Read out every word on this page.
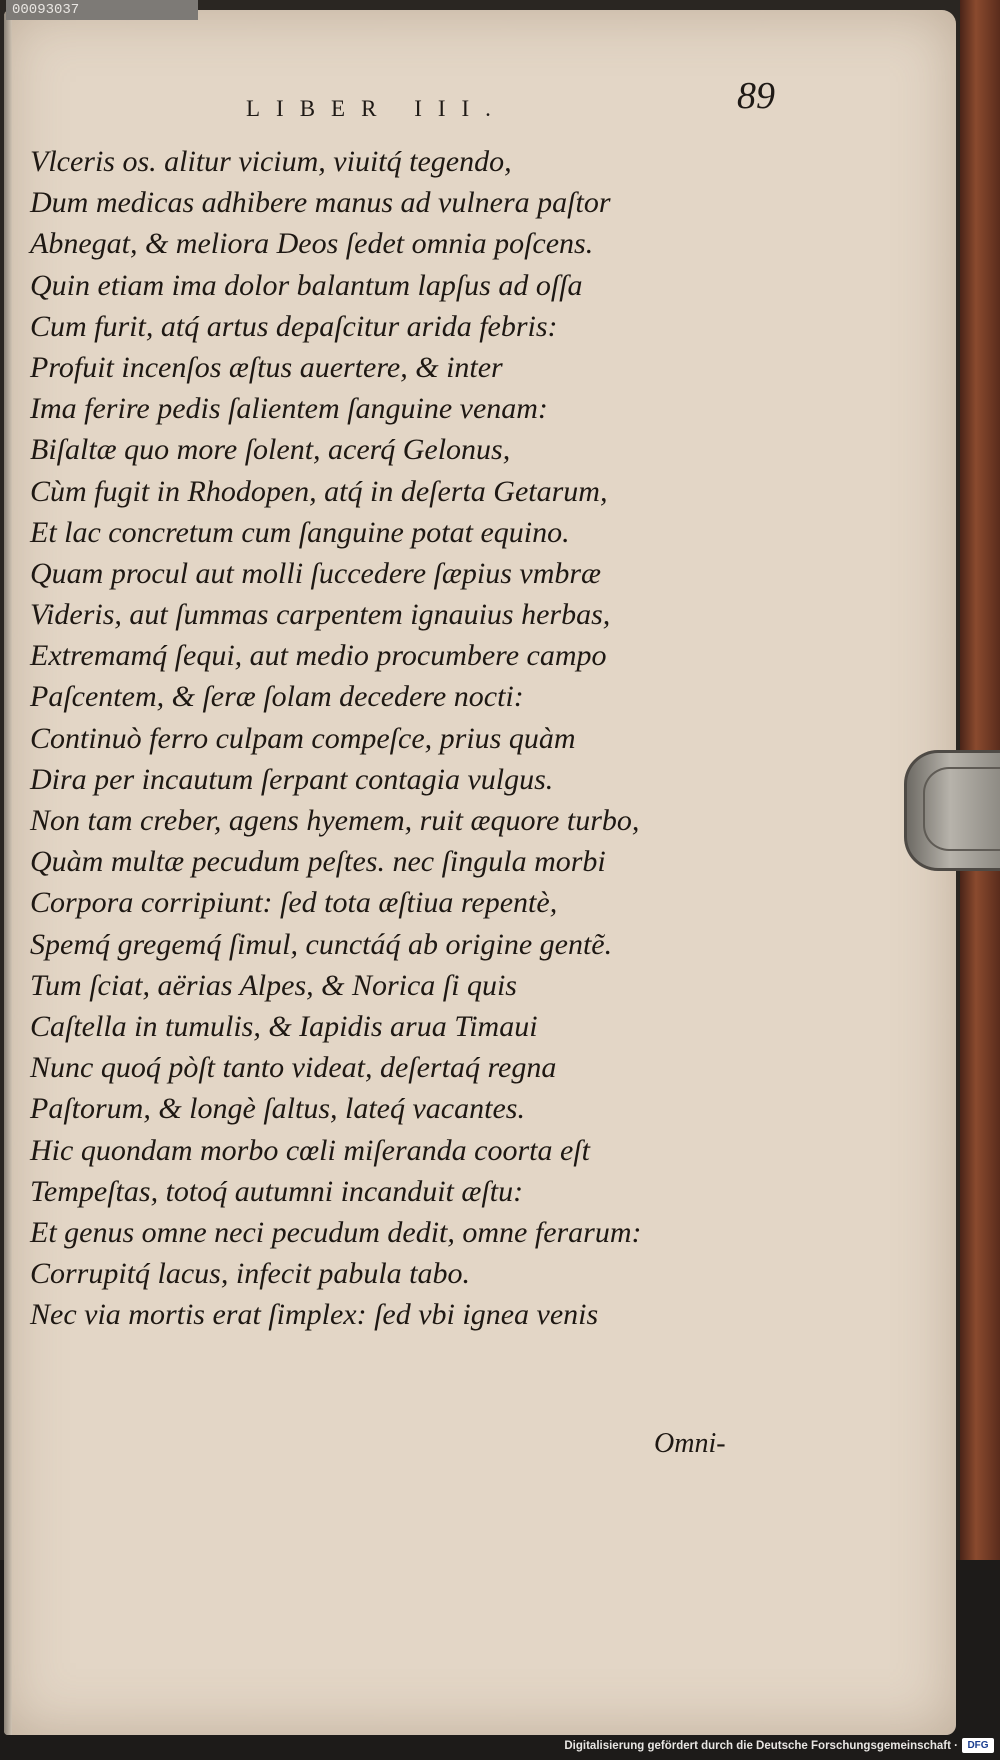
LIBER III.	89
Vlceris os. alitur vicium, viuitq́ tegendo,
Dum medicas adhibere manus ad vulnera paſtor
Abnegat, & meliora Deos ſedet omnia poſcens.
Quin etiam ima dolor balantum lapſus ad oſſa
Cum furit, atq́ artus depaſcitur arida febris:
Profuit incenſos æſtus auertere, & inter
Ima ferire pedis ſalientem ſanguine venam:
Biſaltæ quo more ſolent, acerq́ Gelonus,
Cùm fugit in Rhodopen, atq́ in deſerta Getarum,
Et lac concretum cum ſanguine potat equino.
Quam procul aut molli ſuccedere ſæpius vmbræ
Videris, aut ſummas carpentem ignauius herbas,
Extremamq́ ſequi, aut medio procumbere campo
Paſcentem, & ſeræ ſolam decedere nocti:
Continuò ferro culpam compeſce, prius quàm
Dira per incautum ſerpant contagia vulgus.
Non tam creber, agens hyemem, ruit æquore turbo,
Quàm multæ pecudum peſtes. nec ſingula morbi
Corpora corripiunt: ſed tota æſtiua repentè,
Spemq́ gregemq́ ſimul, cunctáq́ ab origine gentẽ.
Tum ſciat, aërias Alpes, & Norica ſi quis
Caſtella in tumulis, & Iapidis arua Timaui
Nunc quoq́ pòſt tanto videat, deſertaq́ regna
Paſtorum, & longè ſaltus, lateq́ vacantes.
Hic quondam morbo cœli miſeranda coorta eſt
Tempeſtas, totoq́ autumni incanduit æſtu:
Et genus omne neci pecudum dedit, omne ferarum:
Corrupitq́ lacus, infecit pabula tabo.
Nec via mortis erat ſimplex: ſed vbi ignea venis
Omni-
00093037
Digitalisierung gefördert durch die Deutsche Forschungsgemeinschaft · DFG
